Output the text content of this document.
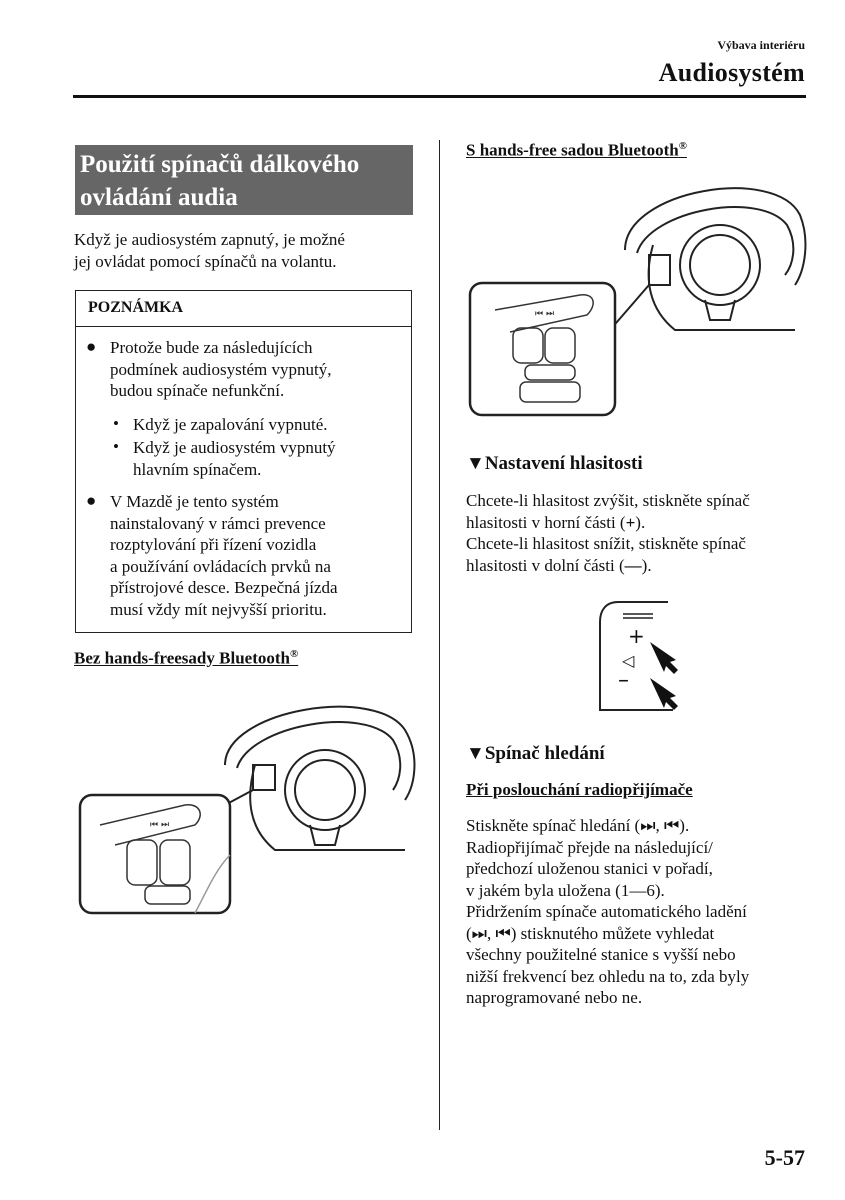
Výbava interiéru
Audiosystém
Použití spínačů dálkového
ovládání audia
Když je audiosystém zapnutý, je možné
jej ovládat pomocí spínačů na volantu.
POZNÁMKA
● Protože bude za následujících
podmínek audiosystém vypnutý,
budou spínače nefunkční.
• Když je zapalování vypnuté.
• Když je audiosystém vypnutý
hlavním spínačem.
● V Mazdě je tento systém
nainstalovaný v rámci prevence
rozptylování při řízení vozidla
a používání ovládacích prvků na
přístrojové desce. Bezpečná jízda
musí vždy mít nejvyšší prioritu.
Bez hands-freesady Bluetooth®
⏮ ⏭
S hands-free sadou Bluetooth®
⏮ ⏭
▼Nastavení hlasitosti
Chcete-li hlasitost zvýšit, stiskněte spínač
hlasitosti v horní části (+).
Chcete-li hlasitost snížit, stiskněte spínač
hlasitosti v dolní části (—).
+
◁
–
▼Spínač hledání
Při poslouchání radiopřijímače
Stiskněte spínač hledání (⏭, ⏮).
Radiopřijímač přejde na následující/
předchozí uloženou stanici v pořadí,
v jakém byla uložena (1—6).
Přidržením spínače automatického ladění
(⏭, ⏮) stisknutého můžete vyhledat
všechny použitelné stanice s vyšší nebo
nižší frekvencí bez ohledu na to, zda byly
naprogramované nebo ne.
5-57
